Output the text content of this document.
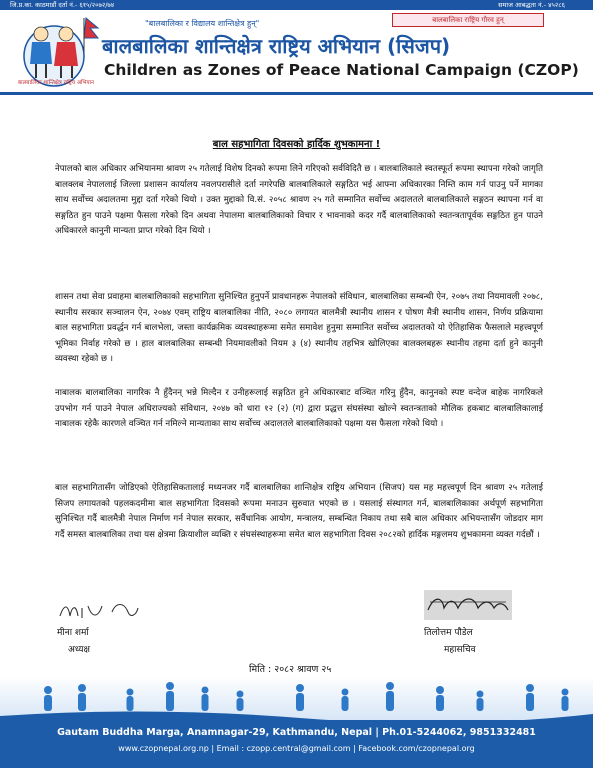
जि.प्र.का. काठमाडौं दर्ता नं.- ६१५/२०७२/७४	समाज आबद्धता नं.- ४५२८६
बालबालिका शान्तिक्षेत्र राष्ट्रिय अभियान
"बालबालिका र विद्यालय शान्तिक्षेत्र हुन्"	बालबालिका राष्ट्रिय गौरव हुन्
बालबालिका शान्तिक्षेत्र राष्ट्रिय अभियान (सिजप)
Children as Zones of Peace National Campaign (CZOP)
बाल सहभागिता दिवसको हार्दिक शुभकामना !

नेपालको बाल अधिकार अभियानमा श्रावण २५ गतेलाई विशेष दिनको रूपमा लिने गरिएको सर्वविदितै छ । बालबालिकाले स्वतस्फूर्त रूपमा स्थापना गरेको जागृति बालक्लब नेपाललाई जिल्ला प्रशासन कार्यालय नवलपरासीले दर्ता नगरेपछि बालबालिकाले सङ्गठित भई आफ्ना अधिकारका निम्ति काम गर्न पाउनु पर्ने मागका साथ सर्वोच्च अदालतमा मुद्दा दर्ता गरेको थियो । उक्त मुद्दाको वि.सं. २०५८ श्रावण २५ गते सम्मानित सर्वोच्च अदालतले बालबालिकाले सङ्गठन स्थापना गर्न वा सङ्गठित हुन पाउने पक्षमा फैसला गरेको दिन अथवा नेपालमा बालबालिकाको विचार र भावनाको कदर गर्दै बालबालिकाको स्वतन्त्रतापूर्वक सङ्गठित हुन पाउने अधिकारले कानुनी मान्यता प्राप्त गरेको दिन थियो ।

शासन तथा सेवा प्रवाहमा बालबालिकाको सहभागिता सुनिश्चित हुनुपर्ने प्रावधानहरू नेपालको संविधान, बालबालिका सम्बन्धी ऐन, २०७५ तथा नियमावली २०७८, स्थानीय सरकार सञ्चालन ऐन, २०७४ एवम् राष्ट्रिय बालबालिका नीति, २०८० लगायत बालमैत्री स्थानीय शासन र पोषण मैत्री स्थानीय शासन, निर्णय प्रक्रियामा बाल सहभागिता प्रवर्द्धन गर्न बालभेला, जस्ता कार्यक्रमिक व्यवस्थाहरूमा समेत समावेश हुनुमा सम्मानित सर्वोच्च अदालतको यो ऐतिहासिक फैसलाले महत्त्वपूर्ण भूमिका निर्वाह गरेको छ । हाल बालबालिका सम्बन्धी नियमावलीको नियम ३ (४) स्थानीय तहभित्र खोलिएका बालक्लबहरू स्थानीय तहमा दर्ता हुने कानुनी व्यवस्था रहेको छ ।

नाबालक बालबालिका नागरिक नै हुँदैनन् भन्ने मिल्दैन र उनीहरूलाई सङ्गठित हुने अधिकारबाट वञ्चित गरिनु हुँदैन, कानुनको स्पष्ट वन्देज बाहेक नागरिकले उपभोग गर्न पाउने नेपाल अधिराज्यको संविधान, २०४७ को धारा १२ (२) (ग) द्वारा प्रद्धत्त संघसंस्था खोल्ने स्वतन्त्रताको मौलिक हकबाट बालबालिकालाई नाबालक रहेकै कारणले वञ्चित गर्न नमिल्ने मान्यताका साथ सर्वोच्च अदालतले बालबालिकाको पक्षमा यस फैसला गरेको थियो ।

बाल सहभागितासँग जोडिएको ऐतिहासिकतालाई मध्यनजर गर्दै बालबालिका शान्तिक्षेत्र राष्ट्रिय अभियान (सिजप) यस मह महत्त्वपूर्ण दिन श्रावण २५ गतेलाई सिजप लगायतको पहलकदमीमा बाल सहभागिता दिवसको रूपमा मनाउन सुरुवात भएको छ । यसलाई संस्थागत गर्न, बालबालिकाका अर्थपूर्ण सहभागिता सुनिश्चित गर्दै बालमैत्री नेपाल निर्माण गर्न नेपाल सरकार, सर्वैधानिक आयोग, मन्त्रालय, सम्बन्धित निकाय तथा सबै बाल अधिकार अभियन्तासँग जोडदार माग गर्दै समस्त बालबालिका तथा यस क्षेत्रमा क्रियाशील व्यक्ति र संघसंस्थाहरूमा समेत बाल सहभागिता दिवस २०८२को हार्दिक मङ्गलमय शुभकामना व्यक्त गर्दछौं ।

मीना शर्मा
अध्यक्ष
तिलोत्तम पौडेल
महासचिव
मिति : २०८२ श्रावण २५
Gautam Buddha Marga, Anamnagar-29, Kathmandu, Nepal | Ph.01-5244062, 9851332481
www.czopnepal.org.np | Email : czopp.central@gmail.com | Facebook.com/czopnepal.org
